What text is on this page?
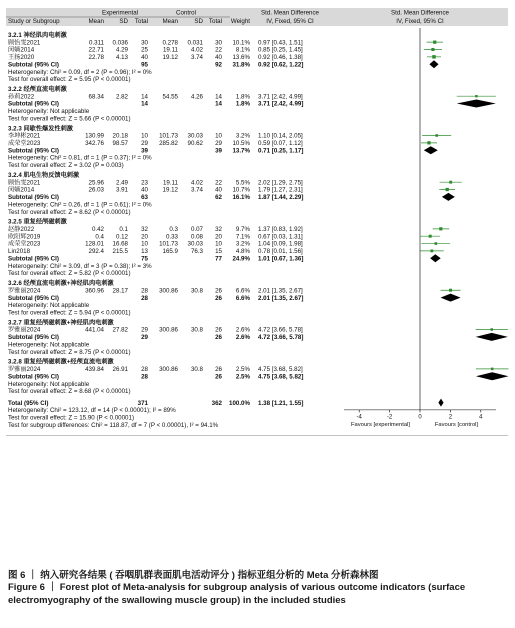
Experimental	Control	Std. Mean Difference
IV, Fixed, 95% CI
Std. Mean Difference
IV, Fixed, 95% CI
Study or Subgroup	Mean SD Total Mean	SD Total Weight
3.2.1 神经肌肉电刺激
顾怡雯2021	0.311 0.036 30 0.278 0.031 30 10.1% 0.97 [0.43, 1.51]
闵嫱2014	22.71 4.29 25 19.11 4.02 22 8.1% 0.85 [0.25, 1.45]
王扬2020	22.78 4.13 40 19.12 3.74 40 13.6% 0.92 [0.46, 1.38]
Subtotal (95% CI)	95	92 31.8% 0.92 [0.62, 1.22]
Heterogeneity: Chi² = 0.09, df = 2 (P = 0.96); I² = 0%
Test for overall effect: Z = 5.95 (P < 0.00001)
3.2.2 经颅直流电刺激
孙莉2022	68.34 2.82 14 54.55 4.26 14 1.8% 3.71 [2.42, 4.99]
Subtotal (95% CI)	14	14 1.8% 3.71 [2.42, 4.99]
Heterogeneity: Not applicable
Test for overall effect: Z = 5.66 (P < 0.00001)
3.2.3 间歇性爆发性刺激
李坤彬2021	130.99 20.18 10 101.73 30.03 10 3.2% 1.10 [0.14, 2.05]
成荣堂2023	342.76 98.57 29 285.82 90.62 29 10.5% 0.59 [0.07, 1.12]
Subtotal (95% CI)	39	39 13.7% 0.71 [0.25, 1.17]
Heterogeneity: Chi² = 0.81, df = 1 (P = 0.37); I² = 0%
Test for overall effect: Z = 3.02 (P = 0.003)
3.2.4 肌电生物反馈电刺激
顾怡雯2021	25.96 2.49 23 19.11 4.02 22 5.5% 2.02 [1.29, 2.75]
闵嫱2014	26.03 3.91 40 19.12 3.74 40 10.7% 1.79 [1.27, 2.31]
Subtotal (95% CI)	63	62 16.1% 1.87 [1.44, 2.29]
Heterogeneity: Chi² = 0.26, df = 1 (P = 0.61); I² = 0%
Test for overall effect: Z = 8.62 (P < 0.00001)
3.2.5 重复经颅磁刺激
赵静2022	0.42 0.1 32	0.3 0.07 32 9.7% 1.37 [0.83, 1.92]
欧阳辉2019	0.4 0.12 20	0.33 0.08 20 7.1% 0.67 [0.03, 1.31]
成荣堂2023	128.01 16.68 10 101.73 30.03 10 3.2% 1.04 [0.09, 1.98]
Lin2018	292.4 215.5 13 165.9 76.3 15 4.8% 0.78 [0.01, 1.56]
Subtotal (95% CI)	75	77 24.9% 1.01 [0.67, 1.36]
Heterogeneity: Chi² = 3.09, df = 3 (P = 0.38); I² = 3%
Test for overall effect: Z = 5.82 (P < 0.00001)
3.2.6 经颅直流电刺激+神经肌肉电刺激
罗雅丽2024	360.96 28.17 28 300.86 30.8 26 6.6% 2.01 [1.35, 2.67]
Subtotal (95% CI)	28	26 6.6% 2.01 [1.35, 2.67]
Heterogeneity: Not applicable
Test for overall effect: Z = 5.94 (P < 0.00001)
3.2.7 重复经颅磁刺激+神经肌肉电刺激
罗雅丽2024	441.04 27.82 29 300.86 30.8 26 2.6% 4.72 [3.66, 5.78]
Subtotal (95% CI)	29	26 2.6% 4.72 [3.66, 5.78]
Heterogeneity: Not applicable
Test for overall effect: Z = 8.75 (P < 0.00001)
3.2.8 重复经颅磁刺激+经颅直流电刺激
罗雅丽2024	439.84 26.91 28 300.86 30.8 26 2.5% 4.75 [3.68, 5.82]
Subtotal (95% CI)	28	26 2.5% 4.75 [3.68, 5.82]
Heterogeneity: Not applicable
Test for overall effect: Z = 8.68 (P < 0.00001)
Total (95% CI)	371	362 100.0% 1.38 [1.21, 1.55]
Heterogeneity: Chi² = 123.12, df = 14 (P < 0.00001); I² = 89%
Test for overall effect: Z = 15.90 (P < 0.00001)
Test for subgroup differences: Chi² = 118.87, df = 7 (P < 0.00001), I² = 94.1%
-4	-2	0	2	4
Favours [experimental]	Favours [control]
图 6 ｜ 纳入研究各结果 ( 吞咽肌群表面肌电活动评分 ) 指标亚组分析的 Meta 分析森林图
Figure 6 ｜ Forest plot of Meta-analysis for subgroup analysis of various outcome indicators (surface electromyography of the swallowing muscle group) in the included studies
